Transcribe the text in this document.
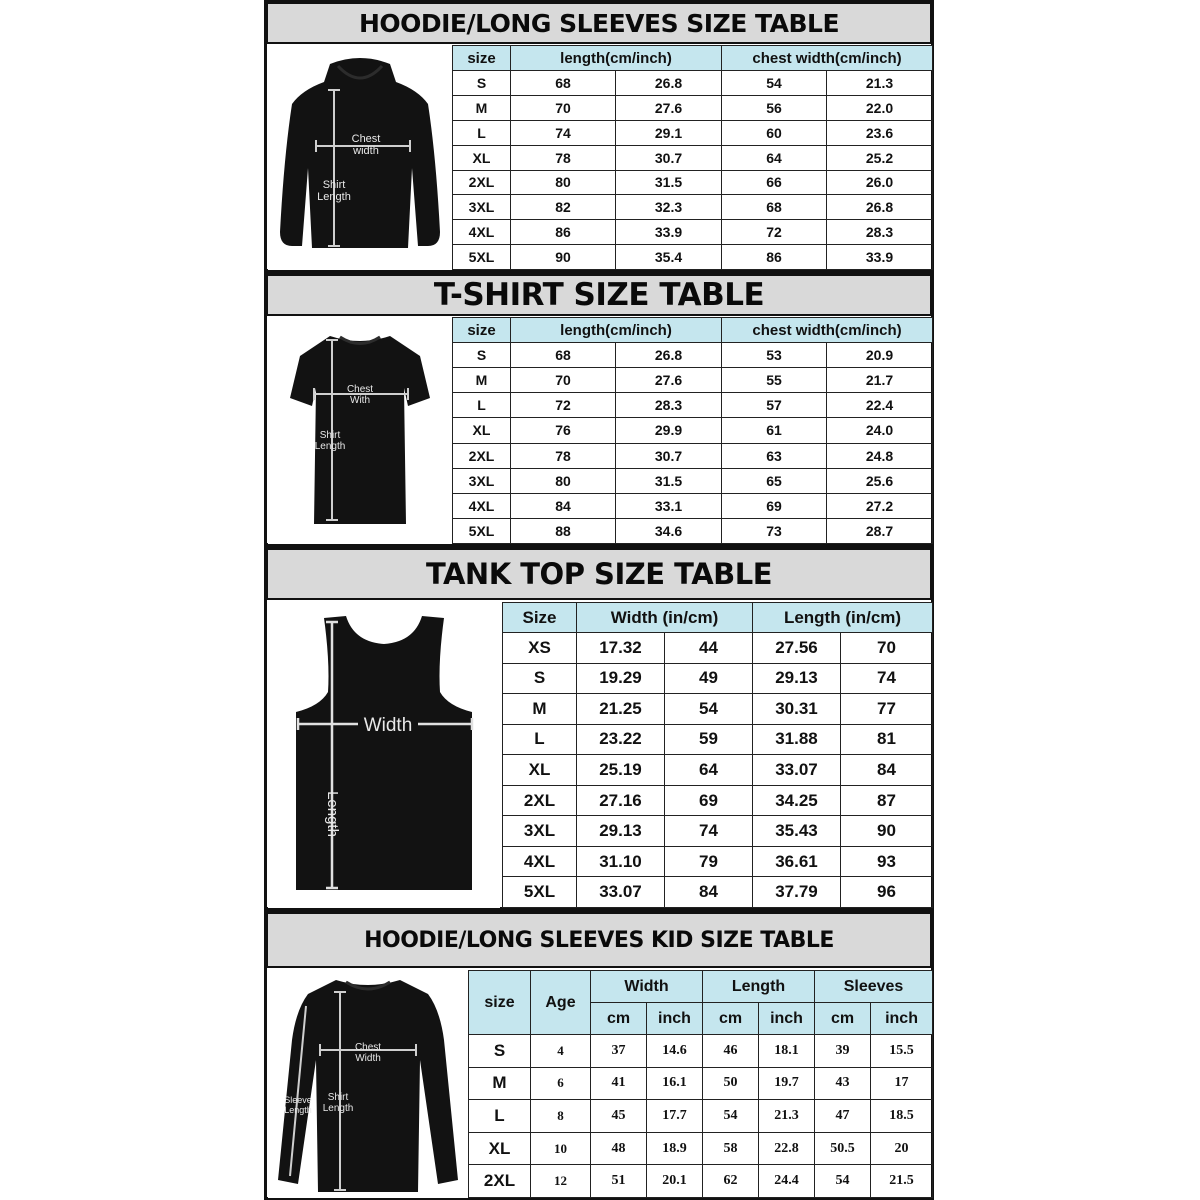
HOODIE/LONG SLEEVES SIZE TABLE
Chest
width
Shirt
Length
size	length(cm/inch)		chest width(cm/inch)	
S	68	26.8	54	21.3
M	70	27.6	56	22.0
L	74	29.1	60	23.6
XL	78	30.7	64	25.2
2XL	80	31.5	66	26.0
3XL	82	32.3	68	26.8
4XL	86	33.9	72	28.3
5XL	90	35.4	86	33.9
T-SHIRT SIZE TABLE
Chest
With
Shirt
Length
size	length(cm/inch)		chest width(cm/inch)	
S	68	26.8	53	20.9
M	70	27.6	55	21.7
L	72	28.3	57	22.4
XL	76	29.9	61	24.0
2XL	78	30.7	63	24.8
3XL	80	31.5	65	25.6
4XL	84	33.1	69	27.2
5XL	88	34.6	73	28.7
TANK TOP SIZE TABLE
Width
Length
Size	Width (in/cm)		Length (in/cm)	
XS	17.32	44	27.56	70
S	19.29	49	29.13	74
M	21.25	54	30.31	77
L	23.22	59	31.88	81
XL	25.19	64	33.07	84
2XL	27.16	69	34.25	87
3XL	29.13	74	35.43	90
4XL	31.10	79	36.61	93
5XL	33.07	84	37.79	96
HOODIE/LONG SLEEVES KID SIZE TABLE
Chest
Width
Shirt
Length
Sleeve
Length
size	Age	Width		Length		Sleeves	
		cm	inch	cm	inch	cm	inch
S	4	37	14.6	46	18.1	39	15.5
M	6	41	16.1	50	19.7	43	17
L	8	45	17.7	54	21.3	47	18.5
XL	10	48	18.9	58	22.8	50.5	20
2XL	12	51	20.1	62	24.4	54	21.5
